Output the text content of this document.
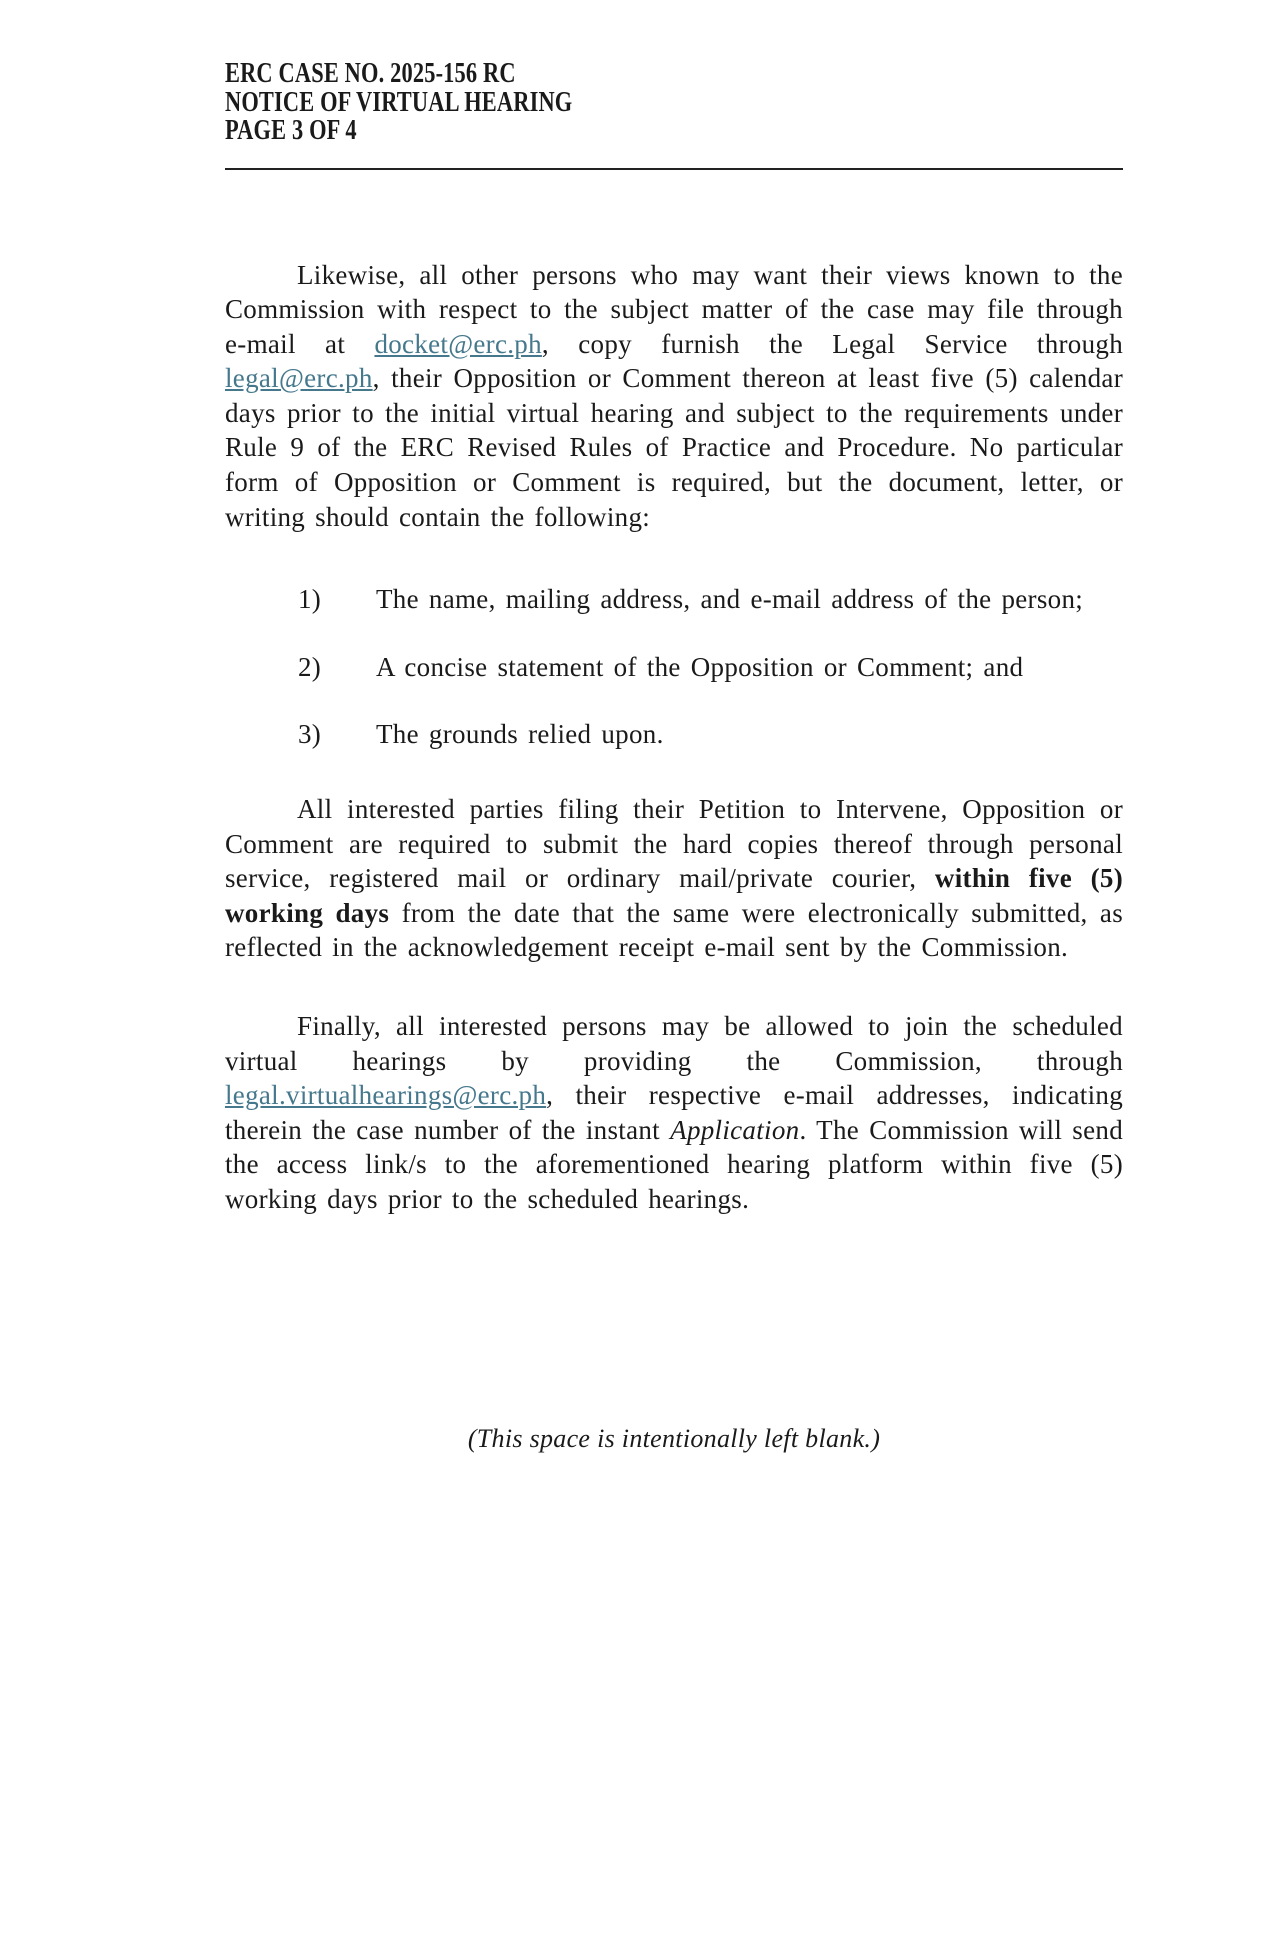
ERC CASE NO. 2025-156 RC
NOTICE OF VIRTUAL HEARING
PAGE 3 OF 4

Likewise, all other persons who may want their views known to the Commission with respect to the subject matter of the case may file through e-mail at docket@erc.ph, copy furnish the Legal Service through legal@erc.ph, their Opposition or Comment thereon at least five (5) calendar days prior to the initial virtual hearing and subject to the requirements under Rule 9 of the ERC Revised Rules of Practice and Procedure. No particular form of Opposition or Comment is required, but the document, letter, or writing should contain the following:

1) The name, mailing address, and e-mail address of the person;
2) A concise statement of the Opposition or Comment; and
3) The grounds relied upon.

All interested parties filing their Petition to Intervene, Opposition or Comment are required to submit the hard copies thereof through personal service, registered mail or ordinary mail/private courier, within five (5) working days from the date that the same were electronically submitted, as reflected in the acknowledgement receipt e-mail sent by the Commission.

Finally, all interested persons may be allowed to join the scheduled virtual hearings by providing the Commission, through legal.virtualhearings@erc.ph, their respective e-mail addresses, indicating therein the case number of the instant Application. The Commission will send the access link/s to the aforementioned hearing platform within five (5) working days prior to the scheduled hearings.

(This space is intentionally left blank.)
